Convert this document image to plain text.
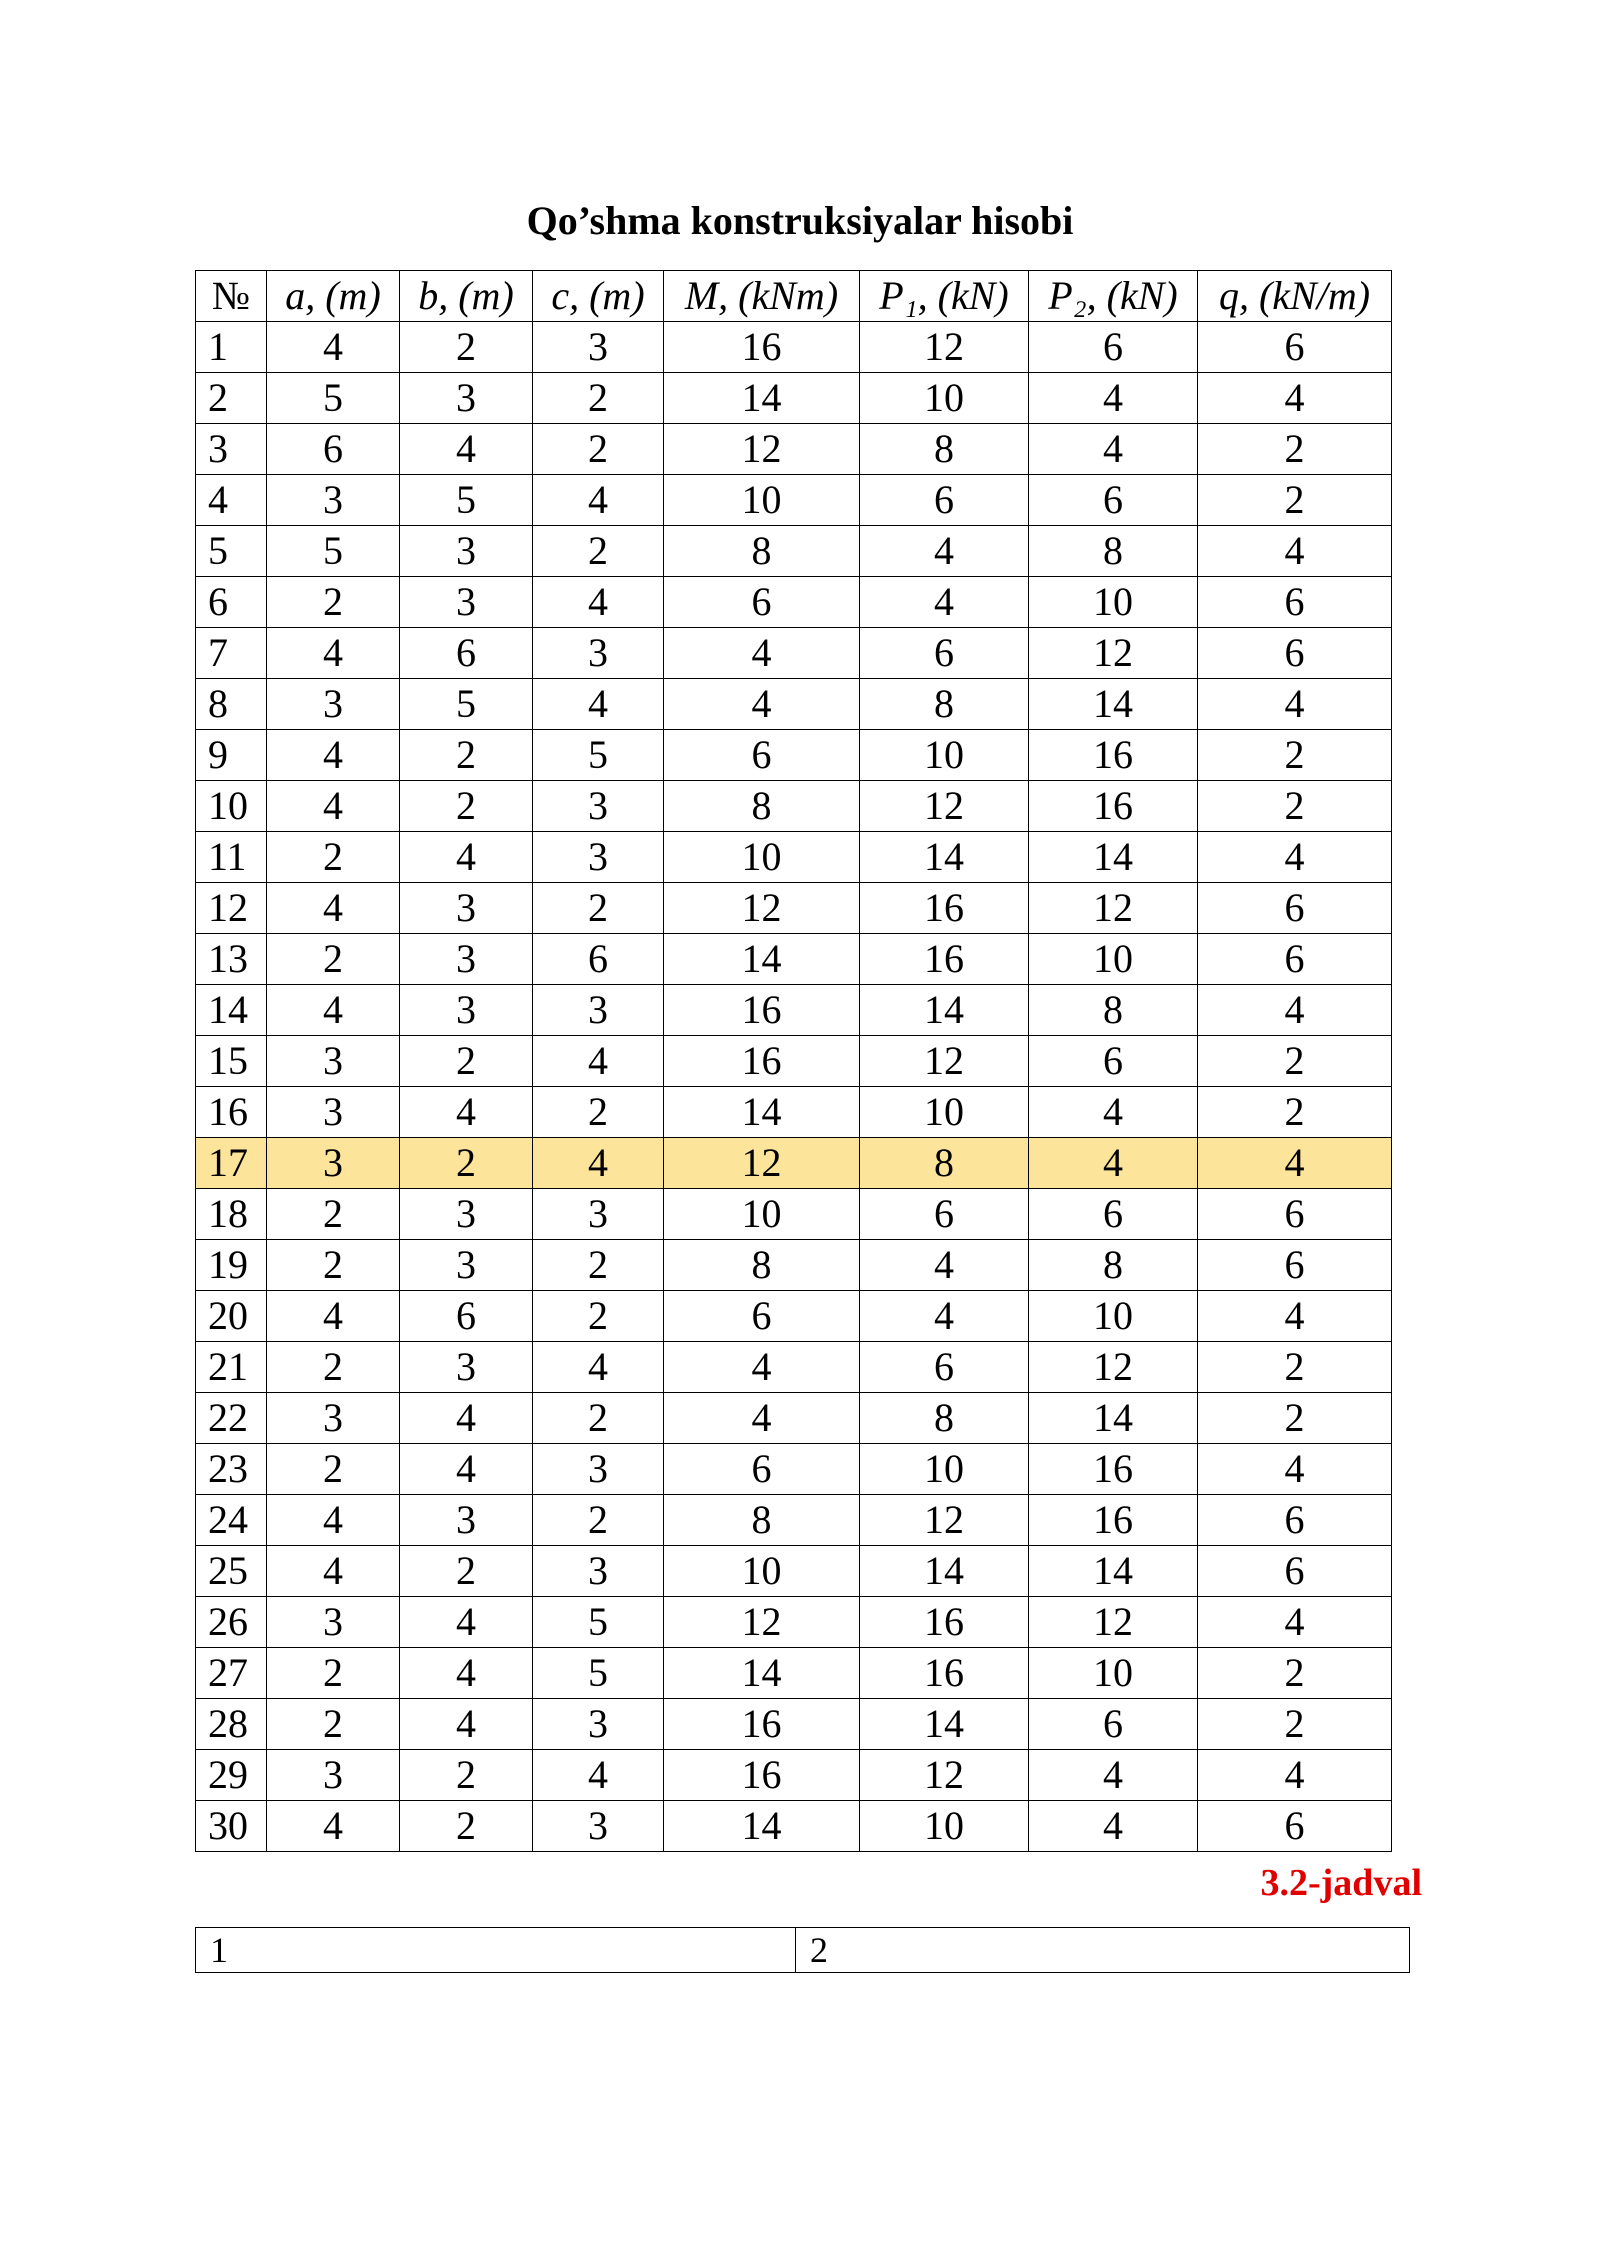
Qo’shma konstruksiyalar hisobi
№	a, (m)	b, (m)	c, (m)	M, (kNm)	P₁, (kN)	P₂, (kN)	q, (kN/m)
1	4	2	3	16	12	6	6
2	5	3	2	14	10	4	4
3	6	4	2	12	8	4	2
4	3	5	4	10	6	6	2
5	5	3	2	8	4	8	4
6	2	3	4	6	4	10	6
7	4	6	3	4	6	12	6
8	3	5	4	4	8	14	4
9	4	2	5	6	10	16	2
10	4	2	3	8	12	16	2
11	2	4	3	10	14	14	4
12	4	3	2	12	16	12	6
13	2	3	6	14	16	10	6
14	4	3	3	16	14	8	4
15	3	2	4	16	12	6	2
16	3	4	2	14	10	4	2
17	3	2	4	12	8	4	4
18	2	3	3	10	6	6	6
19	2	3	2	8	4	8	6
20	4	6	2	6	4	10	4
21	2	3	4	4	6	12	2
22	3	4	2	4	8	14	2
23	2	4	3	6	10	16	4
24	4	3	2	8	12	16	6
25	4	2	3	10	14	14	6
26	3	4	5	12	16	12	4
27	2	4	5	14	16	10	2
28	2	4	3	16	14	6	2
29	3	2	4	16	12	4	4
30	4	2	3	14	10	4	6
3.2-jadval
1	2
